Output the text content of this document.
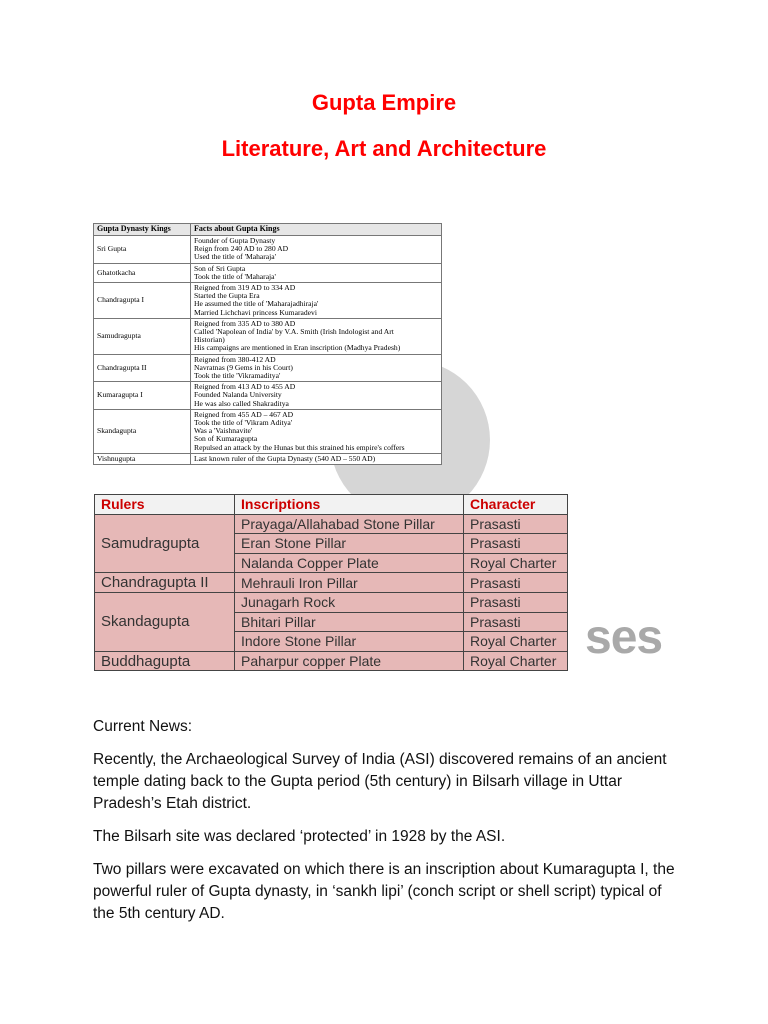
ses
Gupta Empire
Literature, Art and Architecture
Gupta Dynasty Kings	Facts about Gupta Kings
Sri Gupta	Founder of Gupta Dynasty
Reign from 240 AD to 280 AD
Used the title of 'Maharaja'

Ghatotkacha	Son of Sri Gupta
Took the title of 'Maharaja'

Chandragupta I	Reigned from 319 AD to 334 AD
Started the Gupta Era
He assumed the title of 'Maharajadhiraja'
Married Lichchavi princess Kumaradevi

Samudragupta	Reigned from 335 AD to 380 AD
Called 'Napolean of India' by V.A. Smith (Irish Indologist and Art
Historian)
His campaigns are mentioned in Eran inscription (Madhya Pradesh)

Chandragupta II	Reigned from 380-412 AD
Navratnas (9 Gems in his Court)
Took the title 'Vikramaditya'

Kumaragupta I	Reigned from 413 AD to 455 AD
Founded Nalanda University
He was also called Shakraditya

Skandagupta	Reigned from 455 AD – 467 AD
Took the title of 'Vikram Aditya'
Was a 'Vaishnavite'
Son of Kumaragupta
Repulsed an attack by the Hunas but this strained his empire's coffers

Vishnugupta	Last known ruler of the Gupta Dynasty (540 AD – 550 AD)
Rulers	Inscriptions	Character
Samudragupta	Prayaga/Allahabad Stone Pillar	Prasasti
	Eran Stone Pillar	Prasasti
	Nalanda Copper Plate	Royal Charter
Chandragupta II	Mehrauli Iron Pillar	Prasasti
Skandagupta	Junagarh Rock	Prasasti
	Bhitari Pillar	Prasasti
	Indore Stone Pillar	Royal Charter
Buddhagupta	Paharpur copper Plate	Royal Charter

Current News:

Recently, the Archaeological Survey of India (ASI) discovered remains of an ancient temple dating back to the Gupta period (5th century) in Bilsarh village in Uttar Pradesh’s Etah district.

The Bilsarh site was declared ‘protected’ in 1928 by the ASI.

Two pillars were excavated on which there is an inscription about Kumaragupta I, the powerful ruler of Gupta dynasty, in ‘sankh lipi’ (conch script or shell script) typical of the 5th century AD.
